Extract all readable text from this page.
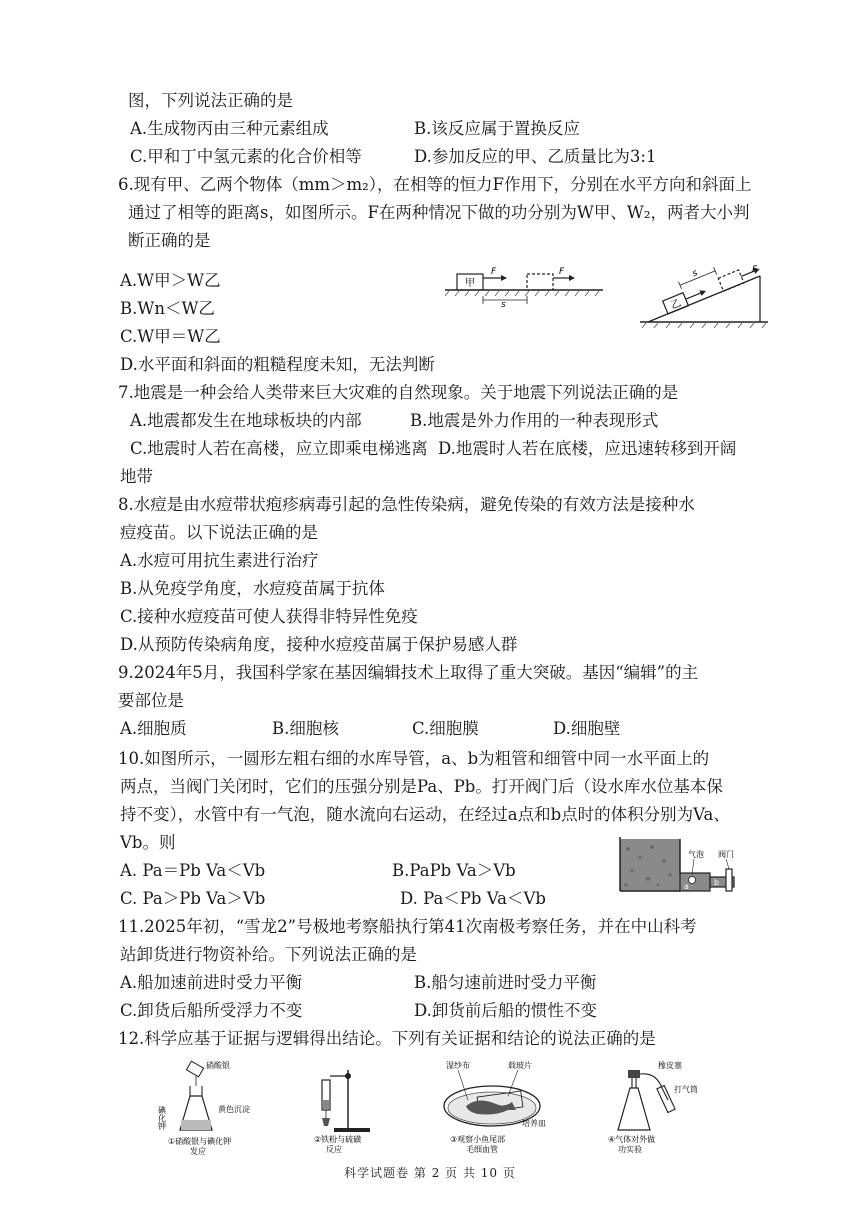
图，下列说法正确的是
A.生成物丙由三种元素组成	B.该反应属于置换反应
C.甲和丁中氢元素的化合价相等	D.参加反应的甲、乙质量比为3:1
6.现有甲、乙两个物体（mm＞m₂），在相等的恒力F作用下，分别在水平方向和斜面上
通过了相等的距离s，如图所示。F在两种情况下做的功分别为W甲、W₂，两者大小判
断正确的是
A.W甲＞W乙
B.Wn＜W乙
C.W甲＝W乙
D.水平面和斜面的粗糙程度未知，无法判断
甲
F	F
s	乙
s	F
7.地震是一种会给人类带来巨大灾难的自然现象。关于地震下列说法正确的是
A.地震都发生在地球板块的内部	B.地震是外力作用的一种表现形式
C.地震时人若在高楼，应立即乘电梯逃离 D.地震时人若在底楼，应迅速转移到开阔
地带
8.水痘是由水痘带状疱疹病毒引起的急性传染病，避免传染的有效方法是接种水
痘疫苗。以下说法正确的是
A.水痘可用抗生素进行治疗
B.从免疫学角度，水痘疫苗属于抗体
C.接种水痘疫苗可使人获得非特异性免疫
D.从预防传染病角度，接种水痘疫苗属于保护易感人群
9.2024年5月，我国科学家在基因编辑技术上取得了重大突破。基因“编辑”的主
要部位是
A.细胞质	B.细胞核	C.细胞膜	D.细胞壁
10.如图所示，一圆形左粗右细的水库导管，a、b为粗管和细管中同一水平面上的
两点，当阀门关闭时，它们的压强分别是Pa、Pb。打开阀门后（设水库水位基本保
持不变），水管中有一气泡，随水流向右运动，在经过a点和b点时的体积分别为Va、
Vb。则
A. Pa＝Pb Va＜Vb	B.PaPb Va＞Vb
C. Pa＞Pb Va＞Vb	D. Pa＜Pb Va＜Vb
a	b
气泡 阀门
11.2025年初，“雪龙2”号极地考察船执行第41次南极考察任务，并在中山科考
站卸货进行物资补给。下列说法正确的是
A.船加速前进时受力平衡	B.船匀速前进时受力平衡
C.卸货后船所受浮力不变	D.卸货前后船的惯性不变
12.科学应基于证据与逻辑得出结论。下列有关证据和结论的说法正确的是
硝酸银
碘化钾	黄色沉淀
①硝酸银与碘化钾
发应
②铁粉与硫磺
反应
湿纱布	载玻片
培养皿
③观察小鱼尾部
毛细血管
橡皮塞
打气筒
④气体对外做
功实验
科学试题卷 第 2 页 共 10 页
